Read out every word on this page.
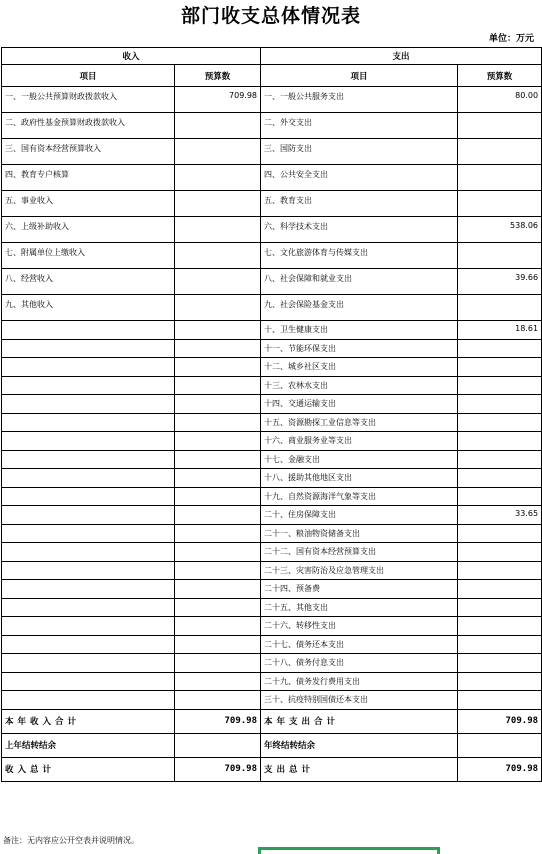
部门收支总体情况表
单位：万元
收入		支出	
项目	预算数	项目	预算数
一、一般公共预算财政拨款收入	709.98	一、一般公共服务支出	80.00
二、政府性基金预算财政拨款收入		二、外交支出	
三、国有资本经营预算收入		三、国防支出	
四、教育专户核算		四、公共安全支出	
五、事业收入		五、教育支出	
六、上级补助收入		六、科学技术支出	538.06
七、附属单位上缴收入		七、文化旅游体育与传媒支出	
八、经营收入		八、社会保障和就业支出	39.66
九、其他收入		九、社会保险基金支出	
		十、卫生健康支出	18.61
		十一、节能环保支出	
		十二、城乡社区支出	
		十三、农林水支出	
		十四、交通运输支出	
		十五、资源勘探工业信息等支出	
		十六、商业服务业等支出	
		十七、金融支出	
		十八、援助其他地区支出	
		十九、自然资源海洋气象等支出	
		二十、住房保障支出	33.65
		二十一、粮油物资储备支出	
		二十二、国有资本经营预算支出	
		二十三、灾害防治及应急管理支出	
		二十四、预备费	
		二十五、其他支出	
		二十六、转移性支出	
		二十七、债务还本支出	
		二十八、债务付息支出	
		二十九、债务发行费用支出	
		三十、抗疫特别国债还本支出	
本年收入合计	709.98	本年支出合计	709.98
上年结转结余		年终结转结余	
收入总计	709.98	支出总计	709.98
备注：无内容应公开空表并说明情况。
